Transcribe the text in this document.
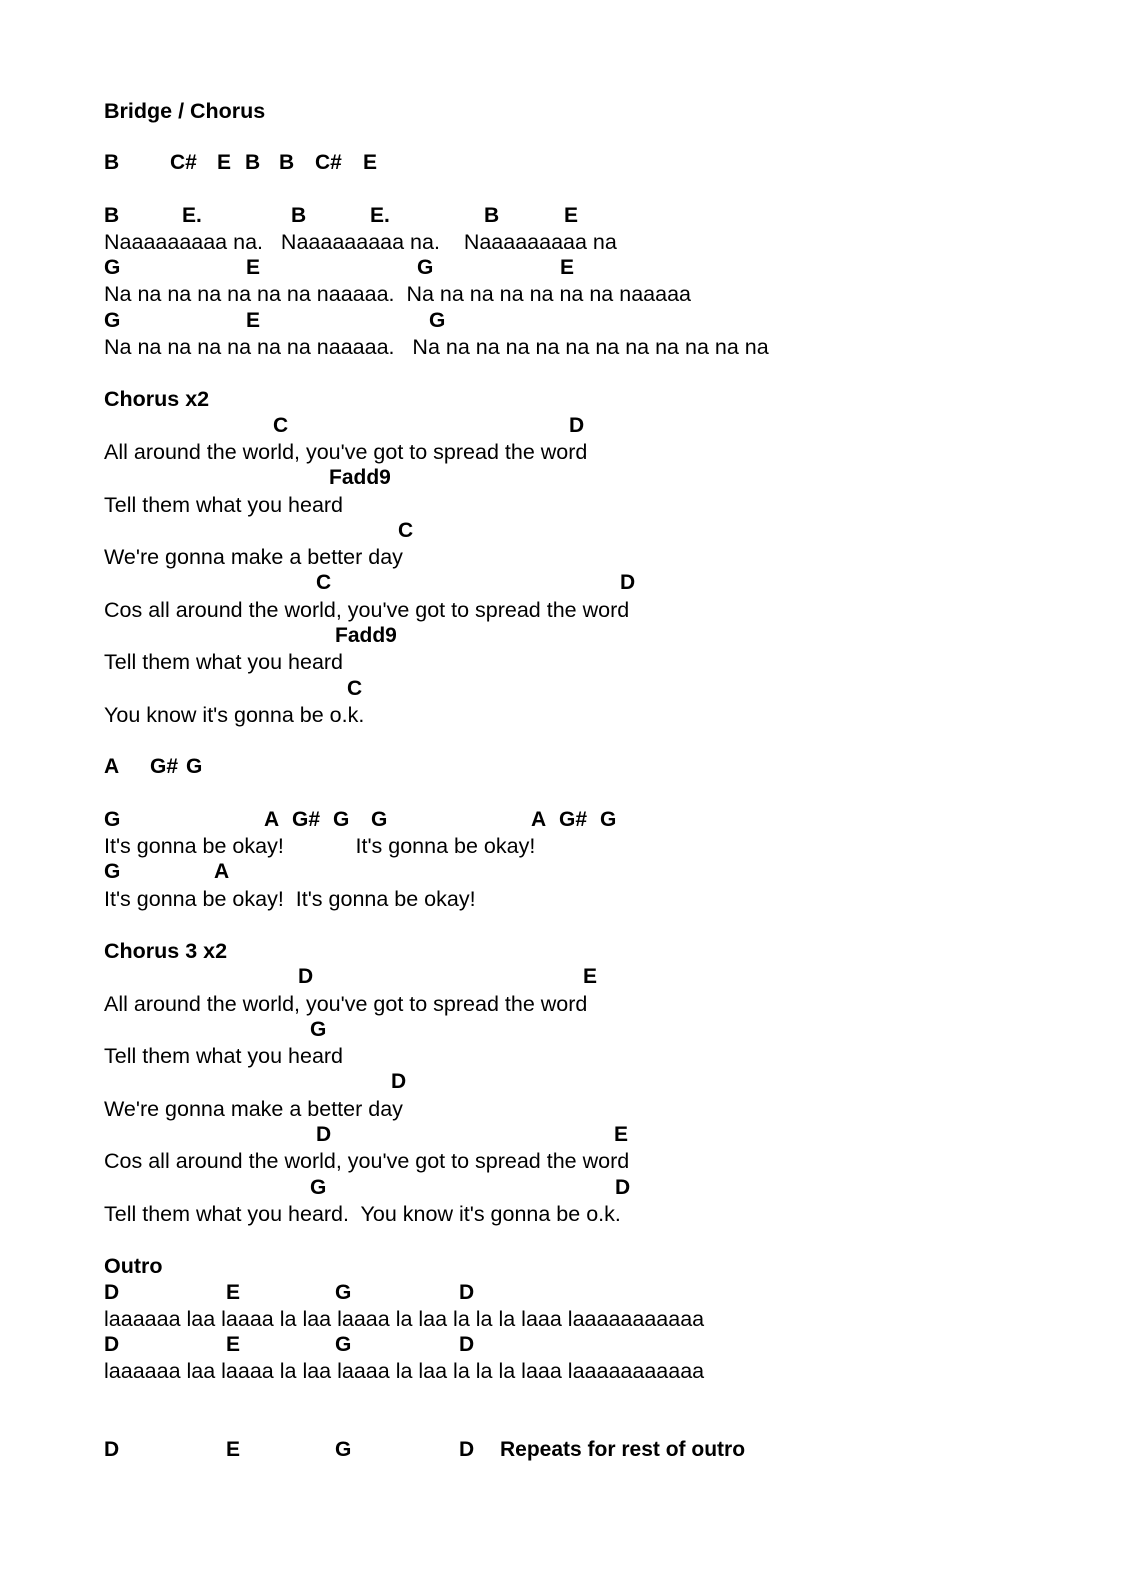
Bridge / Chorus
B C# E B B C# E
B	E.	B	E.	B	E
Naaaaaaaaa na.   Naaaaaaaaa na.    Naaaaaaaaa na
G	E	G	E
Na na na na na na na naaaaa.  Na na na na na na na naaaaa
G	E	G
Na na na na na na na naaaaa.   Na na na na na na na na na na na na
Chorus x2
C	D
All around the world, you've got to spread the word
Fadd9
Tell them what you heard
C
We're gonna make a better day
C	D
Cos all around the world, you've got to spread the word
Fadd9
Tell them what you heard
C
You know it's gonna be o.k.
A G# G
G	A G# G G	A G# G
It's gonna be okay!            It's gonna be okay!
G	A
It's gonna be okay!  It's gonna be okay!
Chorus 3 x2
D	E
All around the world, you've got to spread the word
G
Tell them what you heard
D
We're gonna make a better day
D	E
Cos all around the world, you've got to spread the word
G	D
Tell them what you heard.  You know it's gonna be o.k.
Outro
D	E	G	D
laaaaaa laa laaaa la laa laaaa la laa la la la laaa laaaaaaaaaaa
D	E	G	D
laaaaaa laa laaaa la laa laaaa la laa la la la laaa laaaaaaaaaaa
D	E	G	D Repeats for rest of outro
